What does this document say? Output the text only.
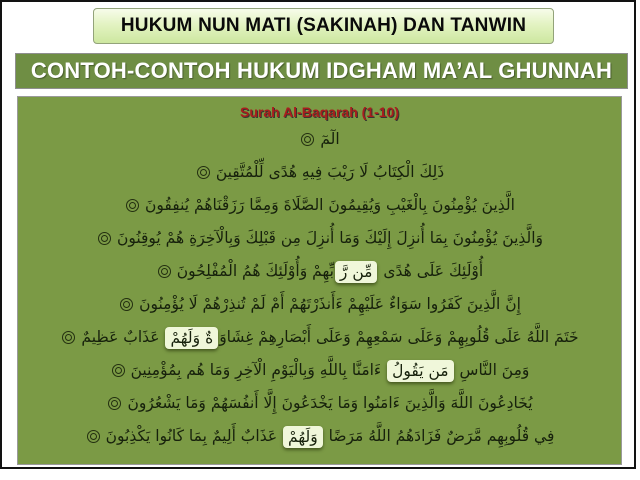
HUKUM NUN MATI (SAKINAH) DAN TANWIN
CONTOH-CONTOH HUKUM IDGHAM MA’AL GHUNNAH
Surah Al-Baqarah (1-10)
الٓمٓ
ذَلِكَ الْكِتَابُ لَا رَيْبَ فِيهِ هُدًى لِّلْمُتَّقِينَ
الَّذِينَ يُؤْمِنُونَ بِالْغَيْبِ وَيُقِيمُونَ الصَّلَاةَ وَمِمَّا رَزَقْنَاهُمْ يُنفِقُونَ
وَالَّذِينَ يُؤْمِنُونَ بِمَا أُنزِلَ إِلَيْكَ وَمَا أُنزِلَ مِن قَبْلِكَ وَبِالْآخِرَةِ هُمْ يُوقِنُونَ
أُوْلَئِكَ عَلَى هُدًى مِّن رَّبِّهِمْ وَأُوْلَئِكَ هُمُ الْمُفْلِحُونَ
إِنَّ الَّذِينَ كَفَرُوا سَوَاءٌ عَلَيْهِمْ ءَأَنذَرْتَهُمْ أَمْ لَمْ تُنذِرْهُمْ لَا يُؤْمِنُونَ
خَتَمَ اللَّهُ عَلَى قُلُوبِهِمْ وَعَلَى سَمْعِهِمْ وَعَلَى أَبْصَارِهِمْ غِشَاوَةٌ وَلَهُمْ عَذَابٌ عَظِيمٌ
وَمِنَ النَّاسِ مَن يَقُولُ ءَامَنَّا بِاللَّهِ وَبِالْيَوْمِ الْآخِرِ وَمَا هُم بِمُؤْمِنِينَ
يُخَادِعُونَ اللَّهَ وَالَّذِينَ ءَامَنُوا وَمَا يَخْدَعُونَ إِلَّا أَنفُسَهُمْ وَمَا يَشْعُرُونَ
فِي قُلُوبِهِم مَّرَضٌ فَزَادَهُمُ اللَّهُ مَرَضًا وَلَهُمْ عَذَابٌ أَلِيمٌ بِمَا كَانُوا يَكْذِبُونَ
